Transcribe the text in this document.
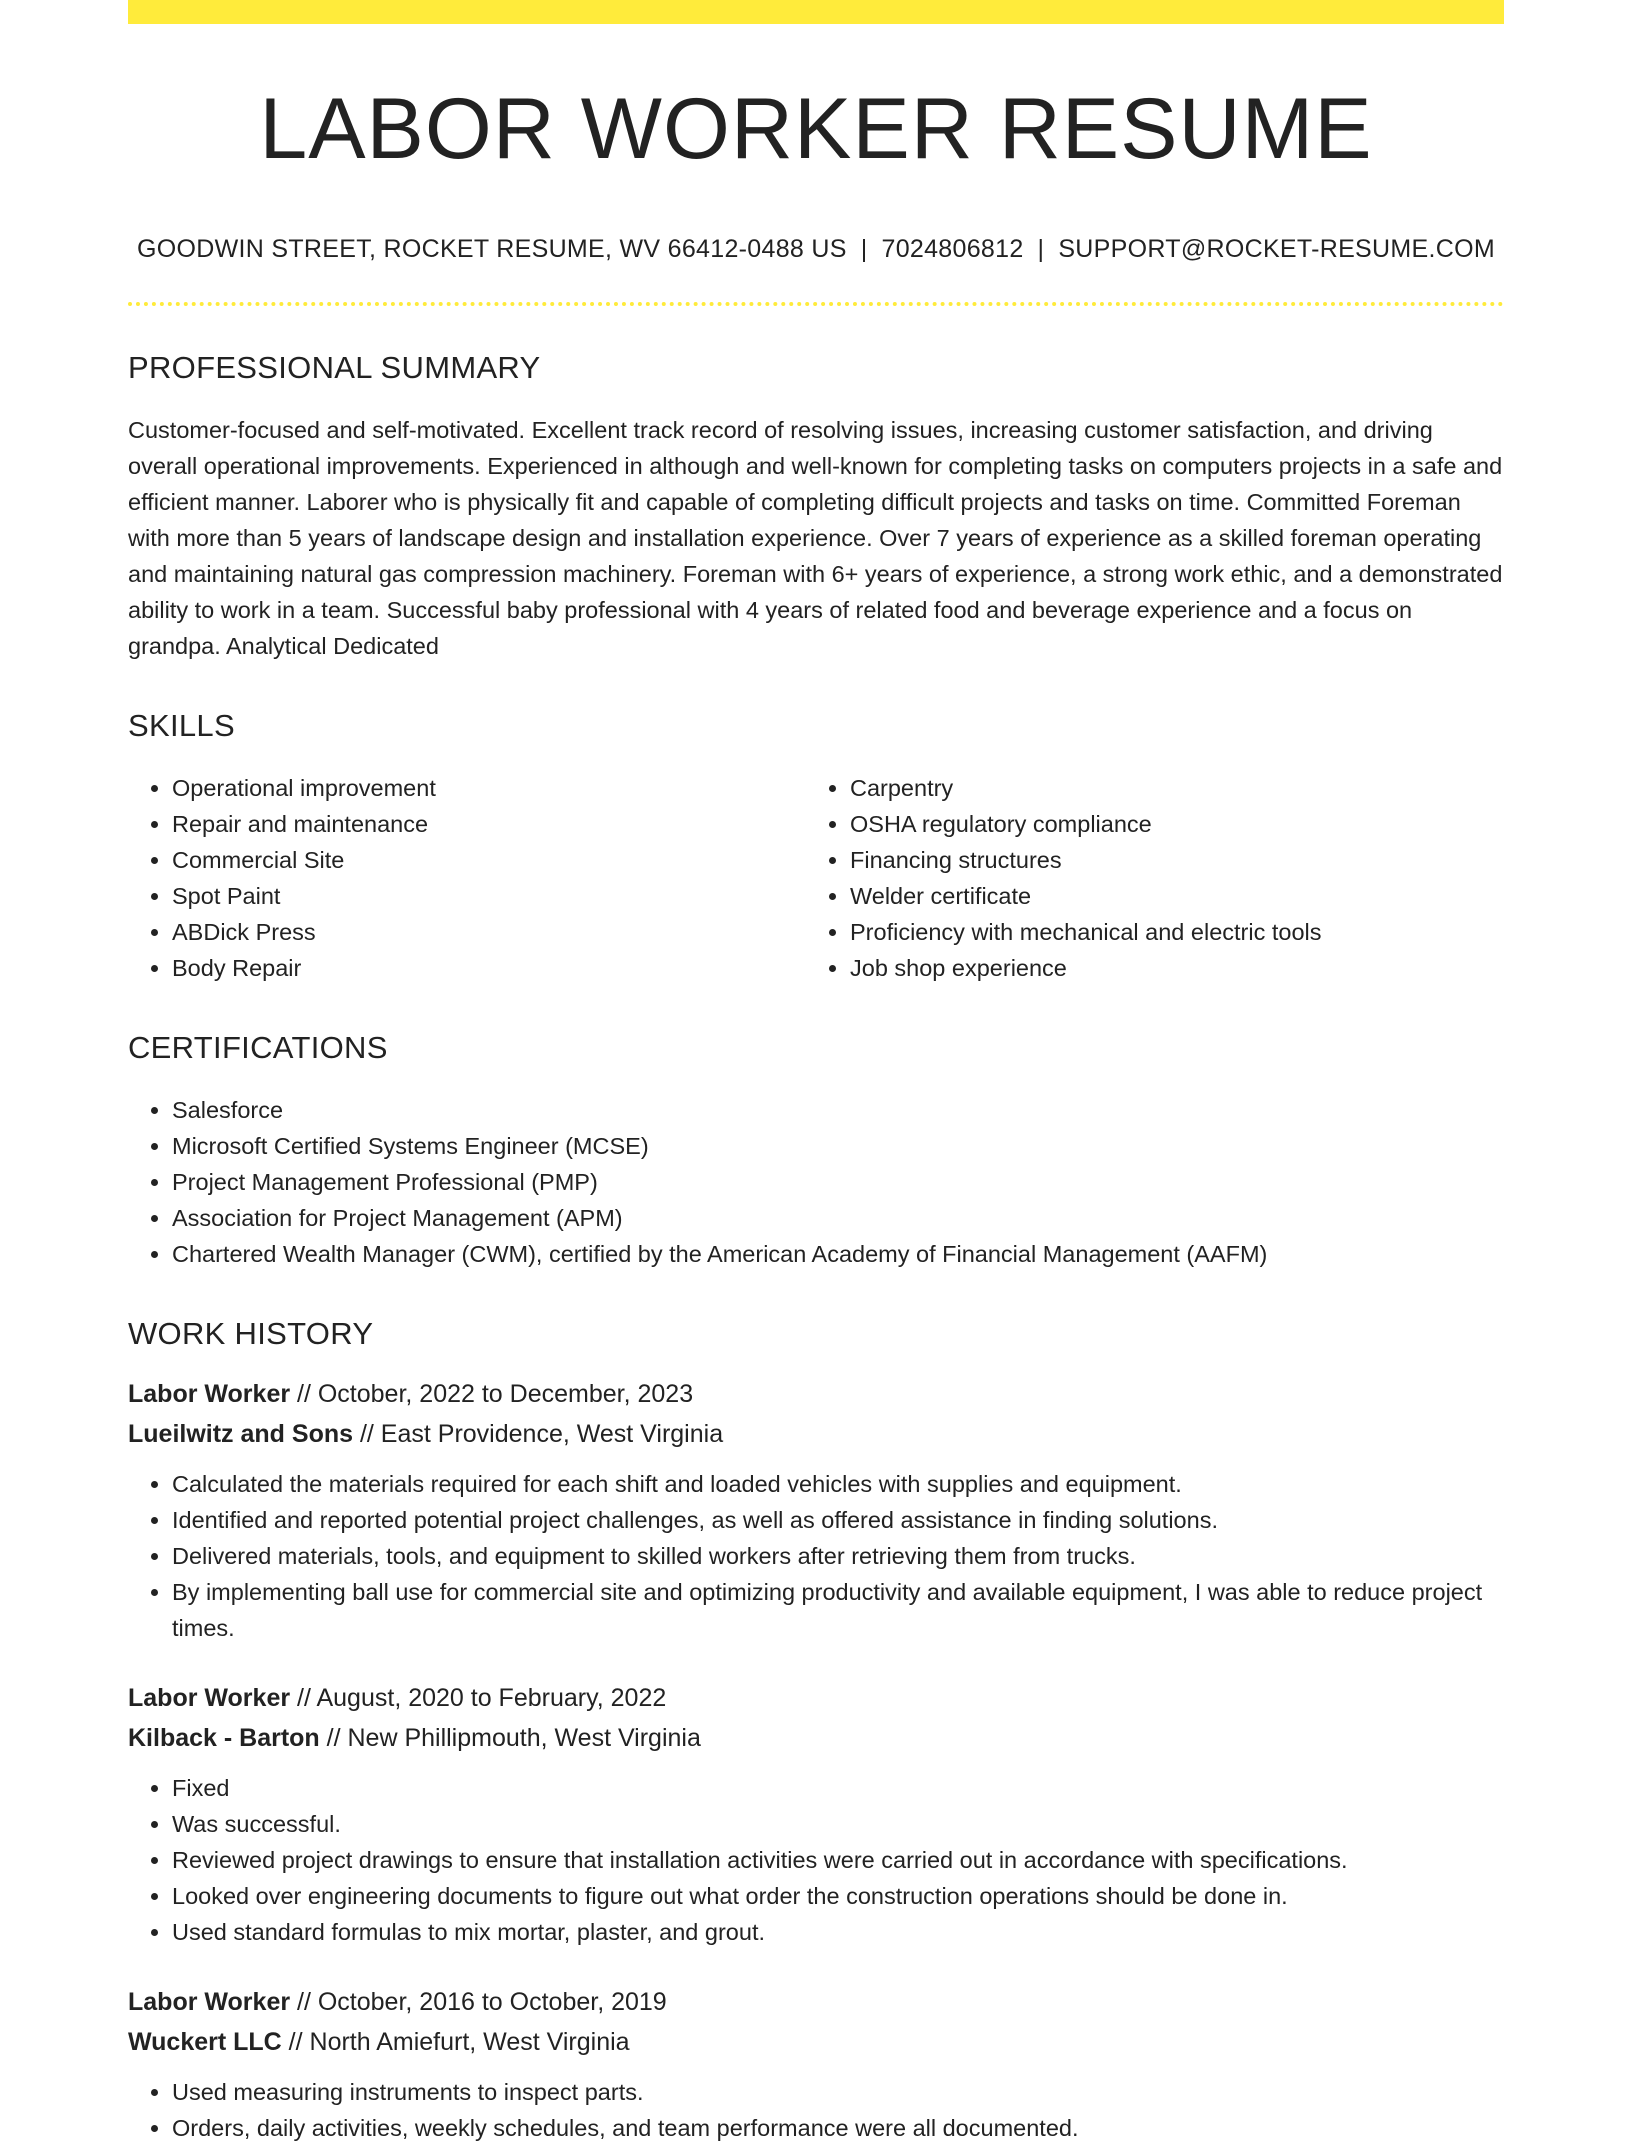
LABOR WORKER RESUME
GOODWIN STREET, ROCKET RESUME, WV 66412-0488 US | 7024806812 | SUPPORT@ROCKET-RESUME.COM
PROFESSIONAL SUMMARY

Customer-focused and self-motivated. Excellent track record of resolving issues, increasing customer satisfaction, and driving overall operational improvements. Experienced in although and well-known for completing tasks on computers projects in a safe and efficient manner. Laborer who is physically fit and capable of completing difficult projects and tasks on time. Committed Foreman with more than 5 years of landscape design and installation experience. Over 7 years of experience as a skilled foreman operating and maintaining natural gas compression machinery. Foreman with 6+ years of experience, a strong work ethic, and a demonstrated ability to work in a team. Successful baby professional with 4 years of related food and beverage experience and a focus on grandpa. Analytical Dedicated

SKILLS
• Operational improvement
• Repair and maintenance
• Commercial Site
• Spot Paint
• ABDick Press
• Body Repair
• Carpentry
• OSHA regulatory compliance
• Financing structures
• Welder certificate
• Proficiency with mechanical and electric tools
• Job shop experience
CERTIFICATIONS
• Salesforce
• Microsoft Certified Systems Engineer (MCSE)
• Project Management Professional (PMP)
• Association for Project Management (APM)
• Chartered Wealth Manager (CWM), certified by the American Academy of Financial Management (AAFM)
WORK HISTORY
Labor Worker // October, 2022 to December, 2023
Lueilwitz and Sons // East Providence, West Virginia
• Calculated the materials required for each shift and loaded vehicles with supplies and equipment.
• Identified and reported potential project challenges, as well as offered assistance in finding solutions.
• Delivered materials, tools, and equipment to skilled workers after retrieving them from trucks.
• By implementing ball use for commercial site and optimizing productivity and available equipment, I was able to reduce project times.
Labor Worker // August, 2020 to February, 2022
Kilback - Barton // New Phillipmouth, West Virginia
• Fixed
• Was successful.
• Reviewed project drawings to ensure that installation activities were carried out in accordance with specifications.
• Looked over engineering documents to figure out what order the construction operations should be done in.
• Used standard formulas to mix mortar, plaster, and grout.
Labor Worker // October, 2016 to October, 2019
Wuckert LLC // North Amiefurt, West Virginia
• Used measuring instruments to inspect parts.
• Orders, daily activities, weekly schedules, and team performance were all documented.
